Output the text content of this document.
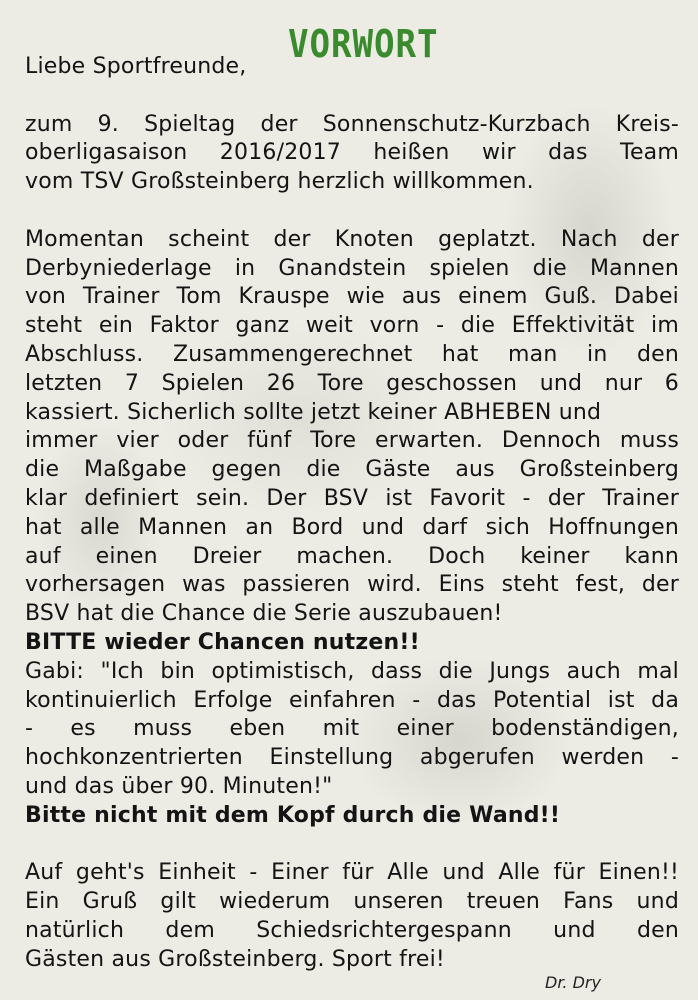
VORWORT

Liebe Sportfreunde,

zum 9. Spieltag der Sonnenschutz-Kurzbach Kreis-

oberligasaison 2016/2017 heißen wir das Team

vom TSV Großsteinberg herzlich willkommen.

Momentan scheint der Knoten geplatzt. Nach der

Derbyniederlage in Gnandstein spielen die Mannen

von Trainer Tom Krauspe wie aus einem Guß. Dabei

steht ein Faktor ganz weit vorn - die Effektivität im

Abschluss. Zusammengerechnet hat man in den

letzten 7 Spielen 26 Tore geschossen und nur 6

kassiert. Sicherlich sollte jetzt keiner ABHEBEN und

immer vier oder fünf Tore erwarten. Dennoch muss

die Maßgabe gegen die Gäste aus Großsteinberg

klar definiert sein. Der BSV ist Favorit - der Trainer

hat alle Mannen an Bord und darf sich Hoffnungen

auf einen Dreier machen. Doch keiner kann

vorhersagen was passieren wird. Eins steht fest, der

BSV hat die Chance die Serie auszubauen!

BITTE wieder Chancen nutzen!!

Gabi: "Ich bin optimistisch, dass die Jungs auch mal

kontinuierlich Erfolge einfahren - das Potential ist da

- es muss eben mit einer bodenständigen,

hochkonzentrierten Einstellung abgerufen werden -

und das über 90. Minuten!"

Bitte nicht mit dem Kopf durch die Wand!!

Auf geht's Einheit - Einer für Alle und Alle für Einen!!

Ein Gruß gilt wiederum unseren treuen Fans und

natürlich dem Schiedsrichtergespann und den

Gästen aus Großsteinberg. Sport frei!

Dr. Dry
